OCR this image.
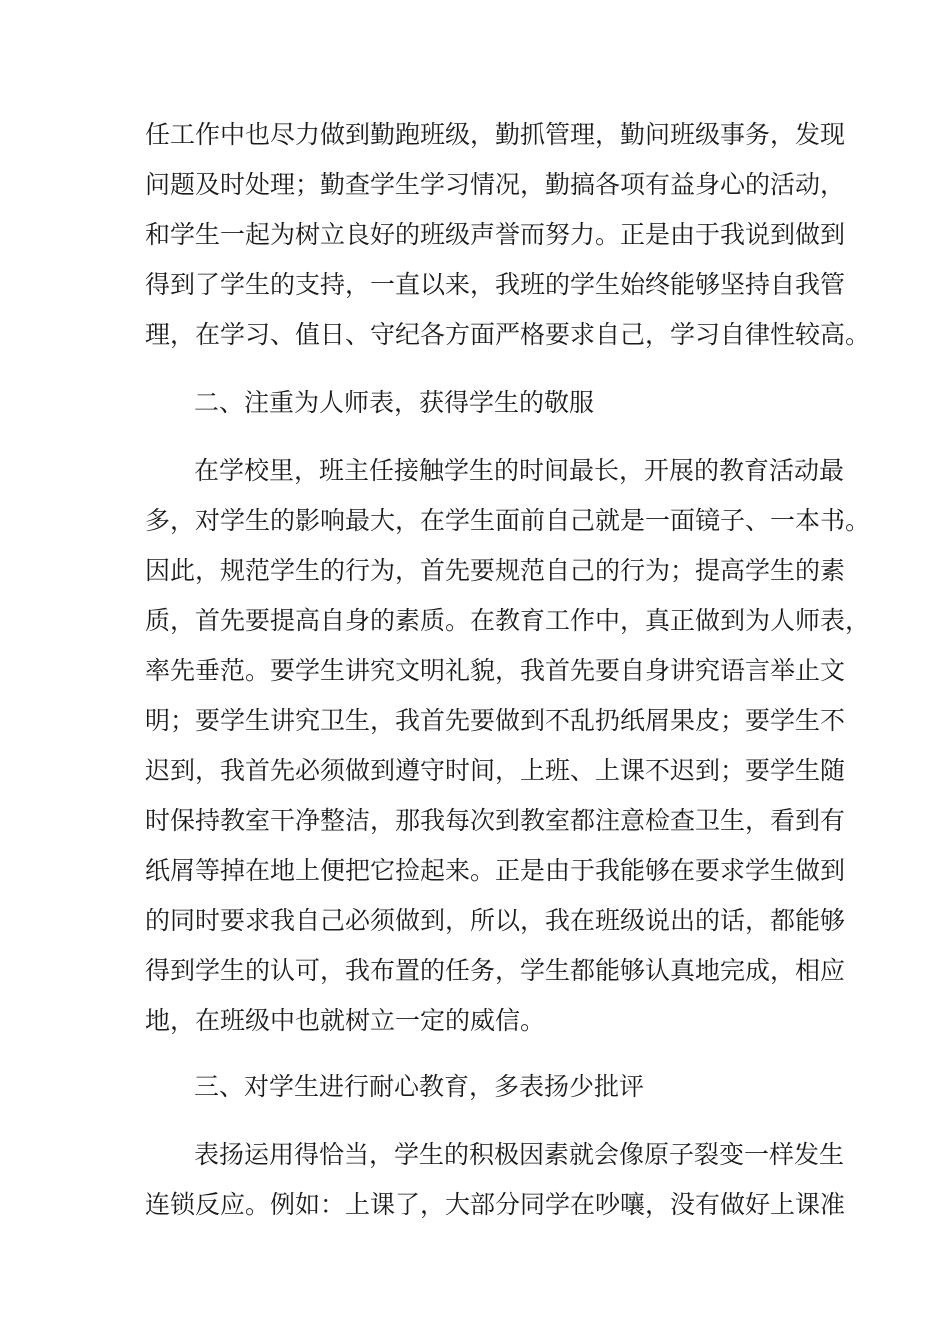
任工作中也尽力做到勤跑班级，勤抓管理，勤问班级事务，发现
问题及时处理；勤查学生学习情况，勤搞各项有益身心的活动，
和学生一起为树立良好的班级声誉而努力。正是由于我说到做到
得到了学生的支持，一直以来，我班的学生始终能够坚持自我管
理，在学习、值日、守纪各方面严格要求自己，学习自律性较高。
二、注重为人师表，获得学生的敬服
在学校里，班主任接触学生的时间最长，开展的教育活动最
多，对学生的影响最大，在学生面前自己就是一面镜子、一本书。
因此，规范学生的行为，首先要规范自己的行为；提高学生的素
质，首先要提高自身的素质。在教育工作中，真正做到为人师表，
率先垂范。要学生讲究文明礼貌，我首先要自身讲究语言举止文
明；要学生讲究卫生，我首先要做到不乱扔纸屑果皮；要学生不
迟到，我首先必须做到遵守时间，上班、上课不迟到；要学生随
时保持教室干净整洁，那我每次到教室都注意检查卫生，看到有
纸屑等掉在地上便把它捡起来。正是由于我能够在要求学生做到
的同时要求我自己必须做到，所以，我在班级说出的话，都能够
得到学生的认可，我布置的任务，学生都能够认真地完成，相应
地，在班级中也就树立一定的威信。
三、对学生进行耐心教育，多表扬少批评
表扬运用得恰当，学生的积极因素就会像原子裂变一样发生
连锁反应。例如：上课了，大部分同学在吵嚷，没有做好上课准
